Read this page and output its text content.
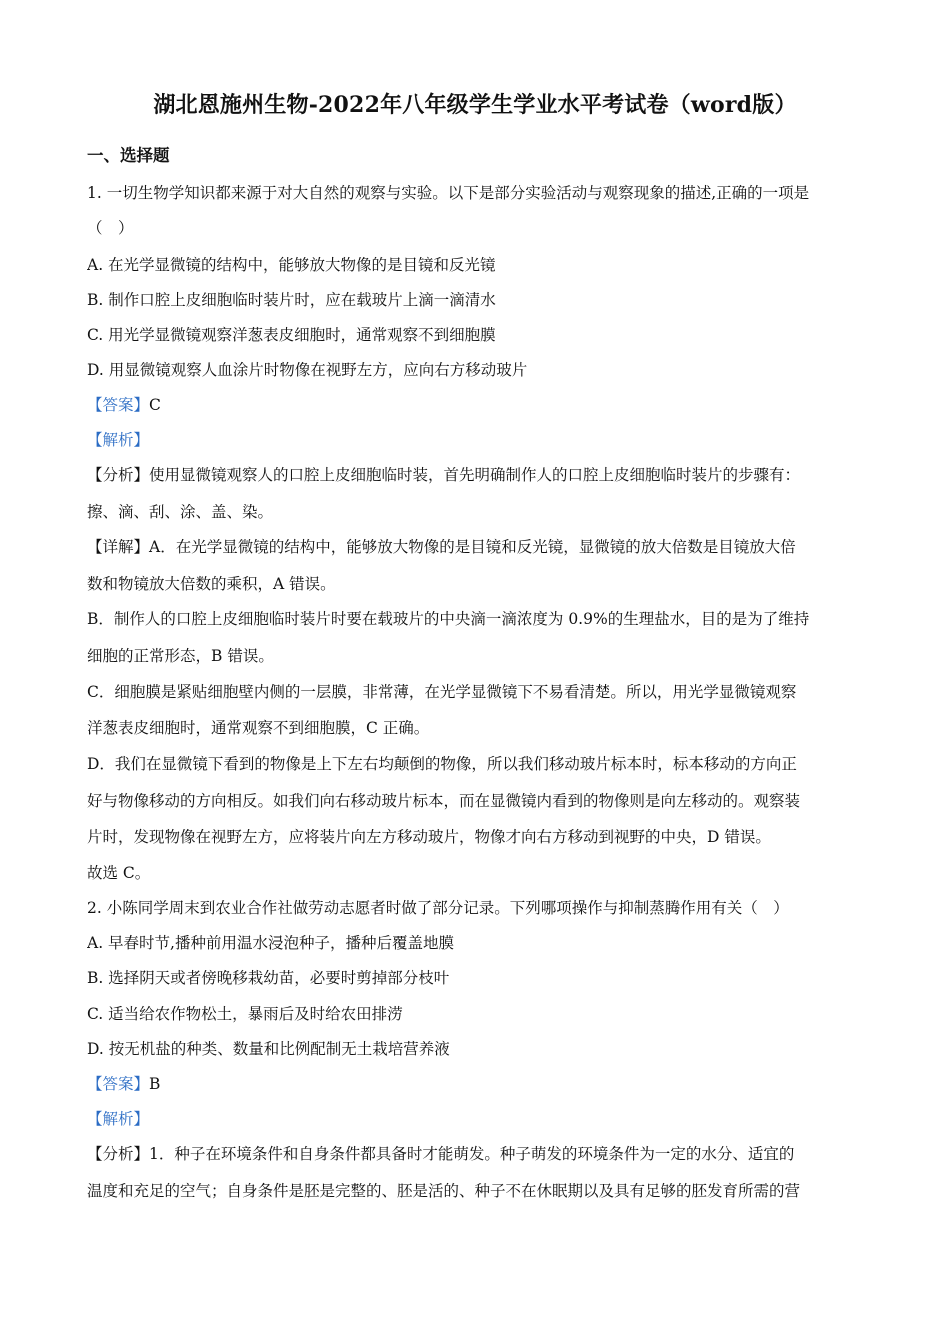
湖北恩施州生物-2022年八年级学生学业水平考试卷（word版）
一、选择题
1. 一切生物学知识都来源于对大自然的观察与实验。以下是部分实验活动与观察现象的描述,正确的一项是
（　）
A. 在光学显微镜的结构中，能够放大物像的是目镜和反光镜
B. 制作口腔上皮细胞临时装片时，应在载玻片上滴一滴清水
C. 用光学显微镜观察洋葱表皮细胞时，通常观察不到细胞膜
D. 用显微镜观察人血涂片时物像在视野左方，应向右方移动玻片
【答案】C
【解析】
【分析】使用显微镜观察人的口腔上皮细胞临时装，首先明确制作人的口腔上皮细胞临时装片的步骤有：
擦、滴、刮、涂、盖、染。
【详解】A．在光学显微镜的结构中，能够放大物像的是目镜和反光镜，显微镜的放大倍数是目镜放大倍
数和物镜放大倍数的乘积，A 错误。
B．制作人的口腔上皮细胞临时装片时要在载玻片的中央滴一滴浓度为 0.9%的生理盐水，目的是为了维持
细胞的正常形态，B 错误。
C．细胞膜是紧贴细胞壁内侧的一层膜，非常薄，在光学显微镜下不易看清楚。所以，用光学显微镜观察
洋葱表皮细胞时，通常观察不到细胞膜，C 正确。
D．我们在显微镜下看到的物像是上下左右均颠倒的物像，所以我们移动玻片标本时，标本移动的方向正
好与物像移动的方向相反。如我们向右移动玻片标本，而在显微镜内看到的物像则是向左移动的。观察装
片时，发现物像在视野左方，应将装片向左方移动玻片，物像才向右方移动到视野的中央，D 错误。
故选 C。
2. 小陈同学周末到农业合作社做劳动志愿者时做了部分记录。下列哪项操作与抑制蒸腾作用有关（　）
A. 早春时节,播种前用温水浸泡种子，播种后覆盖地膜
B. 选择阴天或者傍晚移栽幼苗，必要时剪掉部分枝叶
C. 适当给农作物松土，暴雨后及时给农田排涝
D. 按无机盐的种类、数量和比例配制无土栽培营养液
【答案】B
【解析】
【分析】1．种子在环境条件和自身条件都具备时才能萌发。种子萌发的环境条件为一定的水分、适宜的
温度和充足的空气；自身条件是胚是完整的、胚是活的、种子不在休眠期以及具有足够的胚发育所需的营
